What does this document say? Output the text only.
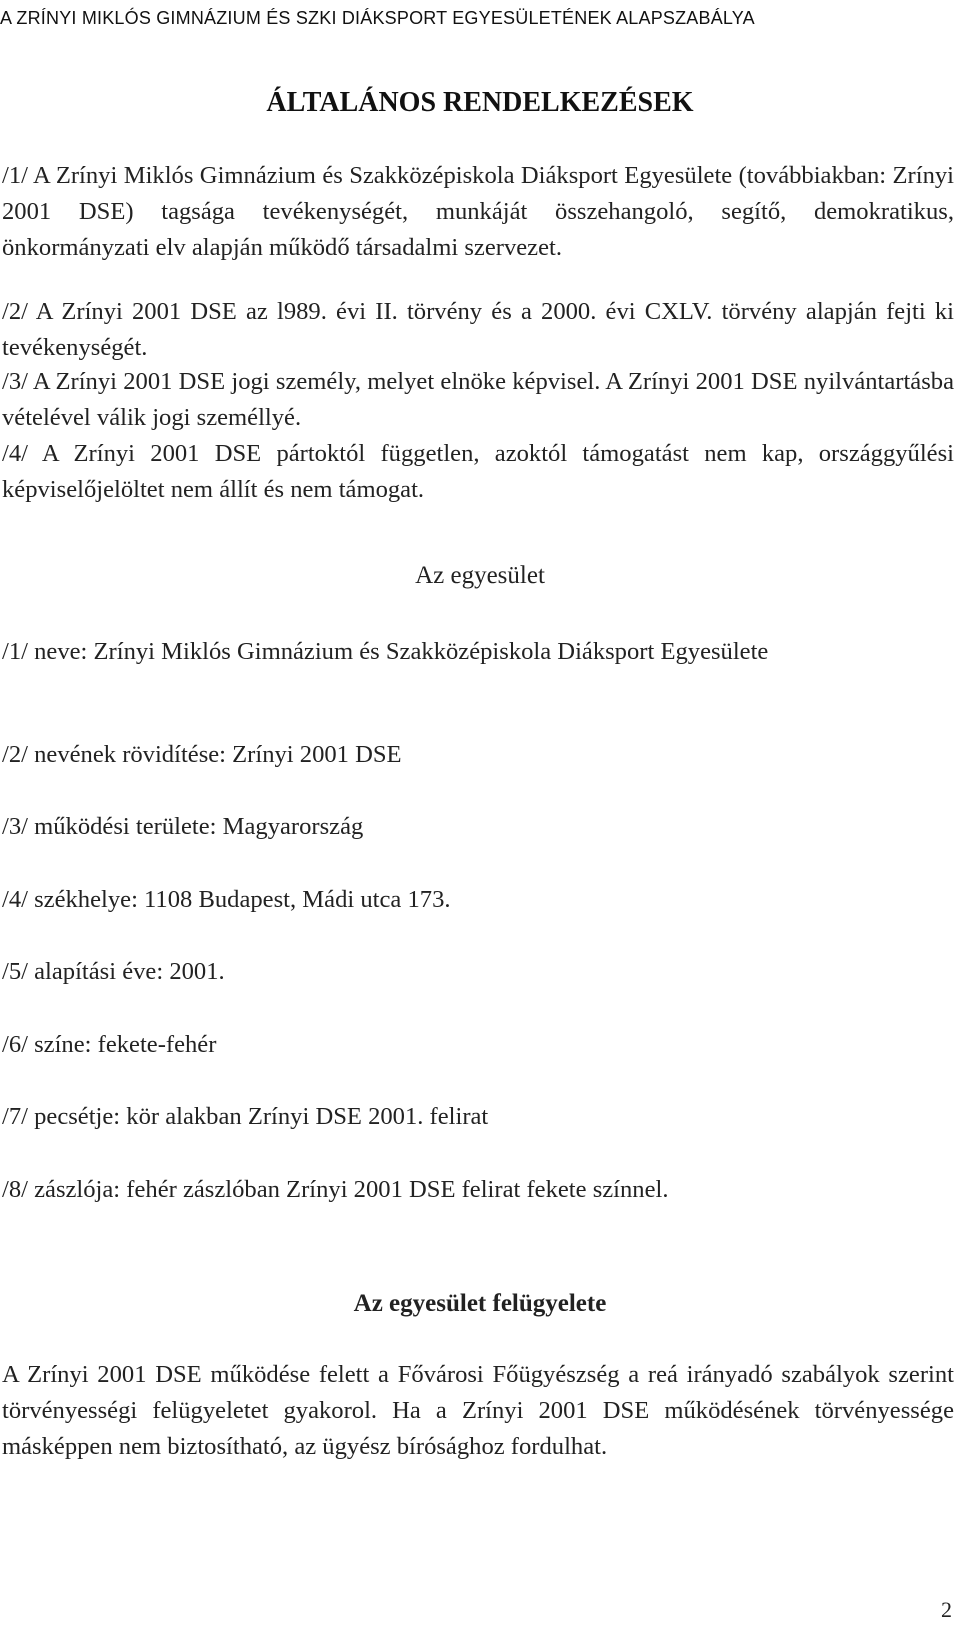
A ZRÍNYI MIKLÓS GIMNÁZIUM ÉS SZKI DIÁKSPORT EGYESÜLETÉNEK ALAPSZABÁLYA
ÁLTALÁNOS RENDELKEZÉSEK

/1/ A Zrínyi Miklós Gimnázium és Szakközépiskola Diáksport Egyesülete (továbbiakban: Zrínyi 2001 DSE) tagsága tevékenységét, munkáját összehangoló, segítő, demokratikus, önkormányzati elv alapján működő társadalmi szervezet.

/2/ A Zrínyi 2001 DSE az l989. évi II. törvény és a 2000. évi CXLV. törvény alapján fejti ki tevékenységét.

/3/ A Zrínyi 2001 DSE jogi személy, melyet elnöke képvisel. A Zrínyi 2001 DSE nyilvántartásba vételével válik jogi személlyé.

/4/ A Zrínyi 2001 DSE pártoktól független, azoktól támogatást nem kap, országgyűlési képviselőjelöltet nem állít és nem támogat.

Az egyesület

/1/ neve: Zrínyi Miklós Gimnázium és Szakközépiskola Diáksport Egyesülete

/2/ nevének rövidítése: Zrínyi 2001 DSE

/3/ működési területe: Magyarország

/4/ székhelye: 1108 Budapest, Mádi utca 173.

/5/ alapítási éve: 2001.

/6/ színe: fekete-fehér

/7/ pecsétje: kör alakban Zrínyi DSE 2001. felirat

/8/ zászlója: fehér zászlóban Zrínyi 2001 DSE felirat fekete színnel.

Az egyesület felügyelete

A Zrínyi 2001 DSE működése felett a Fővárosi Főügyészség a reá irányadó szabályok szerint törvényességi felügyeletet gyakorol. Ha a Zrínyi 2001 DSE működésének törvényessége másképpen nem biztosítható, az ügyész bírósághoz fordulhat.

2
